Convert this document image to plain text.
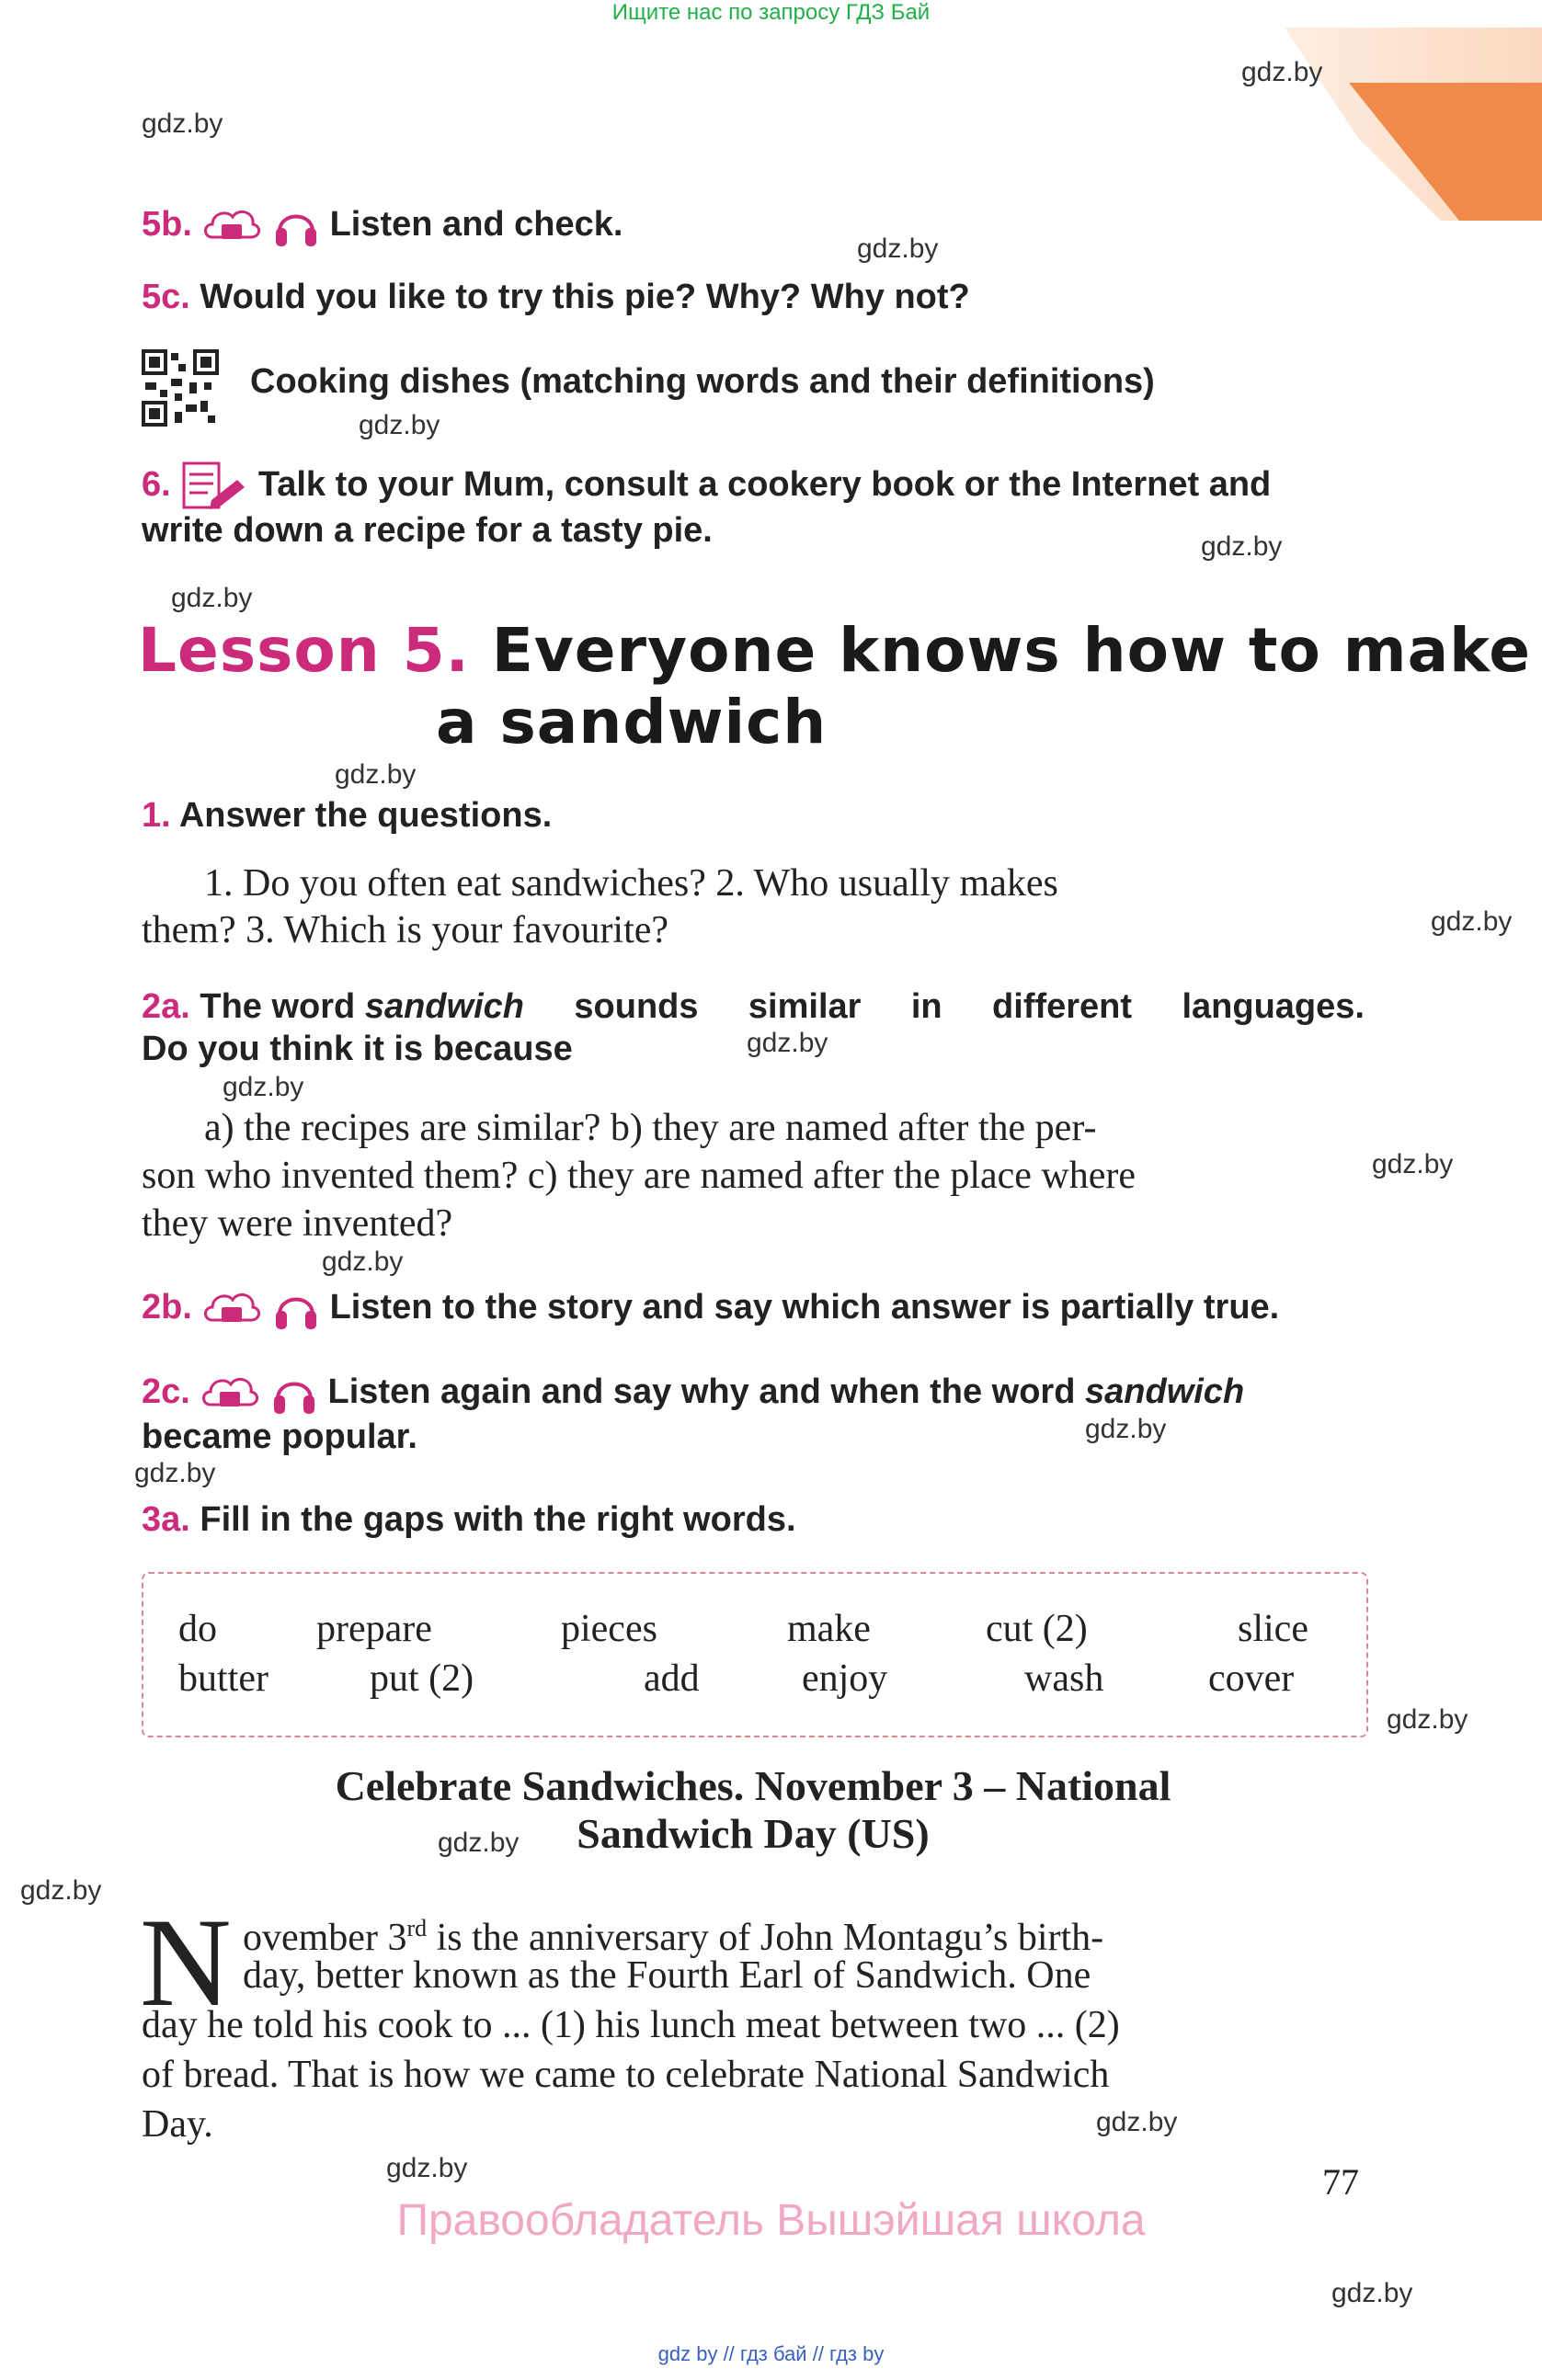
Ищите нас по запросу ГДЗ Бай
gdz.by
gdz.by
gdz.by
gdz.by
gdz.by
gdz.by
gdz.by
gdz.by
gdz.by
gdz.by
gdz.by
gdz.by
gdz.by
gdz.by
gdz.by
gdz.by
gdz.by
gdz.by
gdz.by
gdz.by
5b.	Listen and check.
5c. Would you like to try this pie? Why? Why not?
Cooking dishes (matching words and their definitions)
6.	Talk to your Mum, consult a cookery book or the Internet and
write down a recipe for a tasty pie.
Lesson 5. Everyone knows how to make
a sandwich
1. Answer the questions.
1. Do you often eat sandwiches? 2. Who usually makes
them? 3. Which is your favourite?
2a. The word sandwich sounds similar in different languages.
Do you think it is because
a) the recipes are similar? b) they are named after the per-
son who invented them? c) they are named after the place where
they were invented?
2b.	Listen to the story and say which answer is partially true.
2c.	Listen again and say why and when the word sandwich
became popular.
3a. Fill in the gaps with the right words.
do	prepare	pieces	make	cut (2)	slice
butter	put (2)	add	enjoy	wash	cover
Celebrate Sandwiches. November 3 – National
Sandwich Day (US)
N ovember 3rd is the anniversary of John Montagu’s birth-
day, better known as the Fourth Earl of Sandwich. One
day he told his cook to ... (1) his lunch meat between two ... (2)
of bread. That is how we came to celebrate National Sandwich
Day.
77
Правообладатель Вышэйшая школа
gdz by // гдз бай // гдз by
